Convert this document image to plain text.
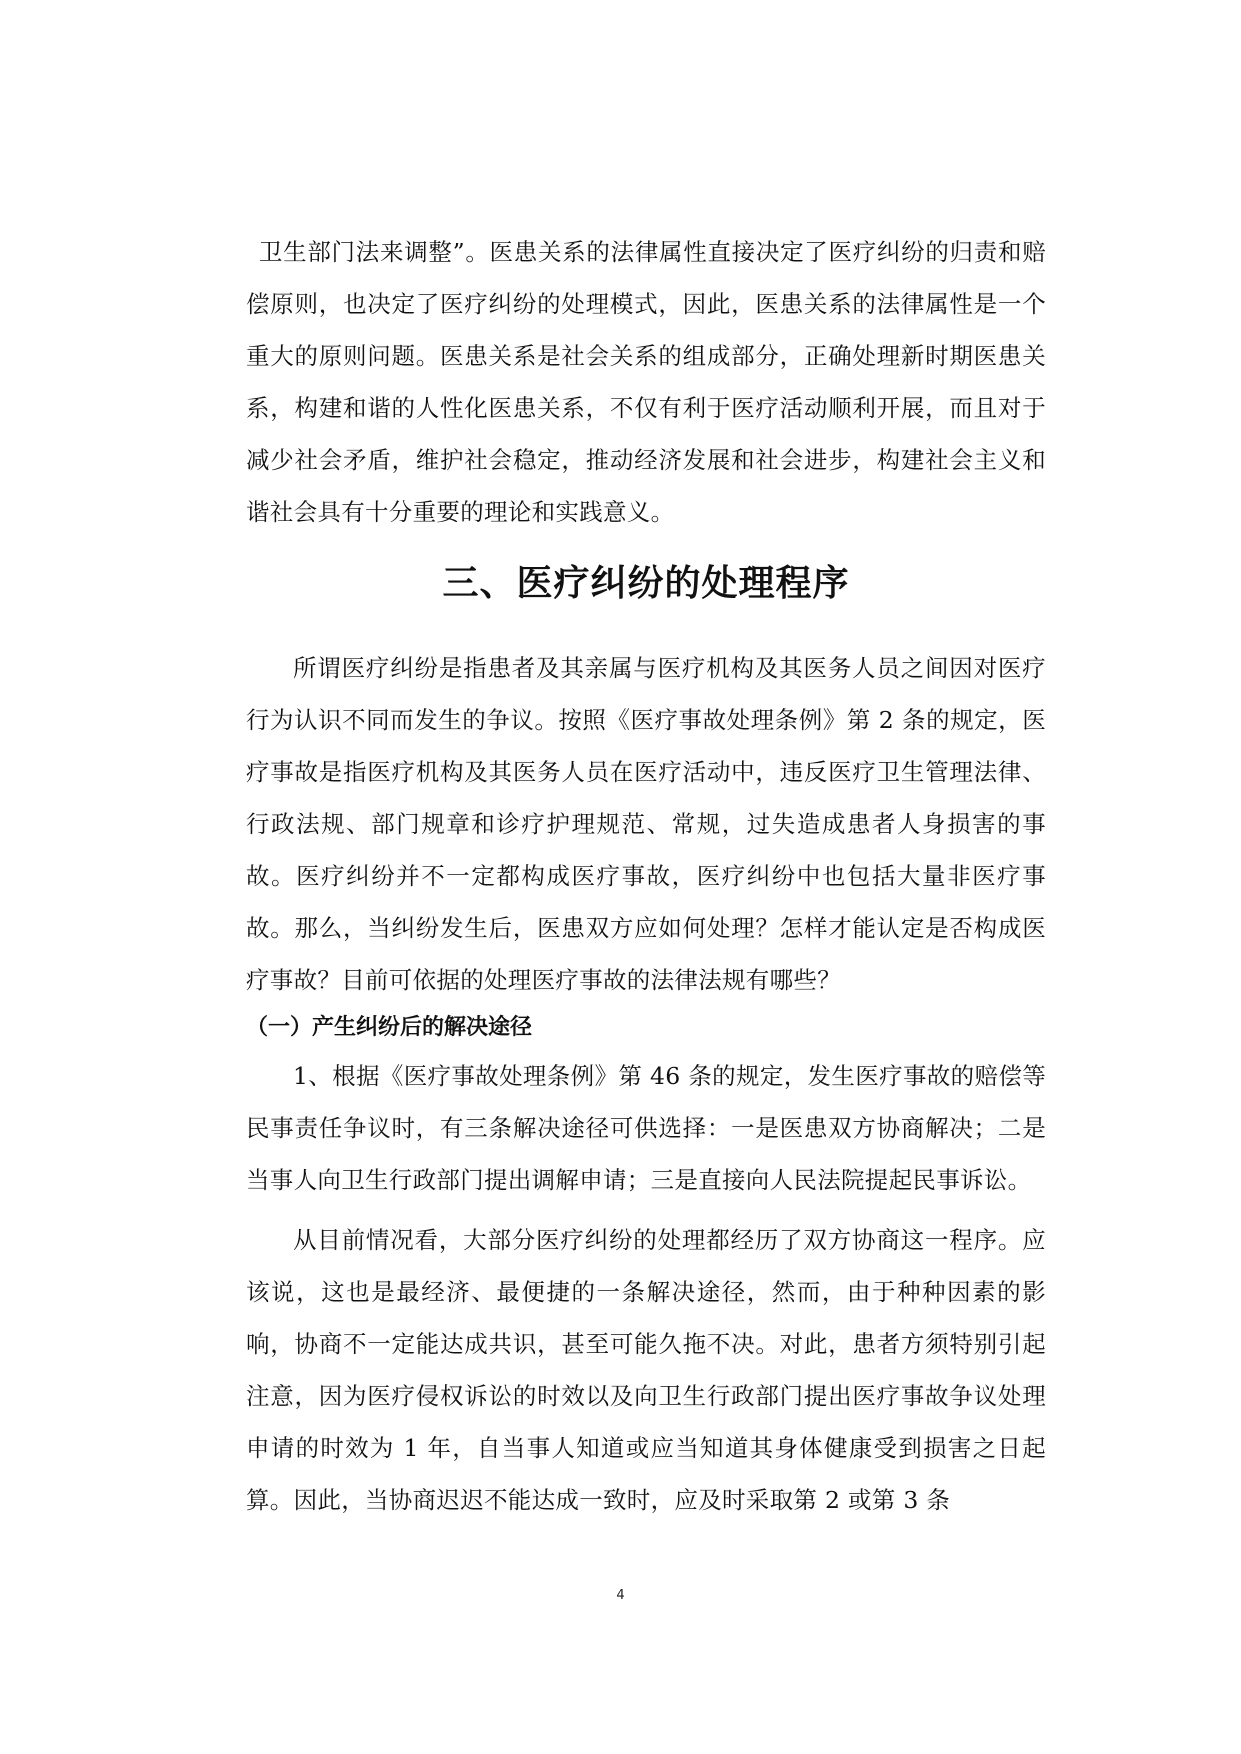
卫生部门法来调整”。医患关系的法律属性直接决定了医疗纠纷的归责和赔偿原则，也决定了医疗纠纷的处理模式，因此，医患关系的法律属性是一个重大的原则问题。医患关系是社会关系的组成部分，正确处理新时期医患关系，构建和谐的人性化医患关系，不仅有利于医疗活动顺利开展，而且对于减少社会矛盾，维护社会稳定，推动经济发展和社会进步，构建社会主义和谐社会具有十分重要的理论和实践意义。

三、医疗纠纷的处理程序

所谓医疗纠纷是指患者及其亲属与医疗机构及其医务人员之间因对医疗行为认识不同而发生的争议。按照《医疗事故处理条例》第 2 条的规定，医疗事故是指医疗机构及其医务人员在医疗活动中，违反医疗卫生管理法律、行政法规、部门规章和诊疗护理规范、常规，过失造成患者人身损害的事故。医疗纠纷并不一定都构成医疗事故，医疗纠纷中也包括大量非医疗事故。那么，当纠纷发生后，医患双方应如何处理？怎样才能认定是否构成医疗事故？目前可依据的处理医疗事故的法律法规有哪些？

（一）产生纠纷后的解决途径

1、根据《医疗事故处理条例》第 46 条的规定，发生医疗事故的赔偿等民事责任争议时，有三条解决途径可供选择：一是医患双方协商解决；二是当事人向卫生行政部门提出调解申请；三是直接向人民法院提起民事诉讼。

从目前情况看，大部分医疗纠纷的处理都经历了双方协商这一程序。应该说，这也是最经济、最便捷的一条解决途径，然而，由于种种因素的影响，协商不一定能达成共识，甚至可能久拖不决。对此，患者方须特别引起注意，因为医疗侵权诉讼的时效以及向卫生行政部门提出医疗事故争议处理申请的时效为 1 年，自当事人知道或应当知道其身体健康受到损害之日起算。因此，当协商迟迟不能达成一致时，应及时采取第 2 或第 3 条

4
